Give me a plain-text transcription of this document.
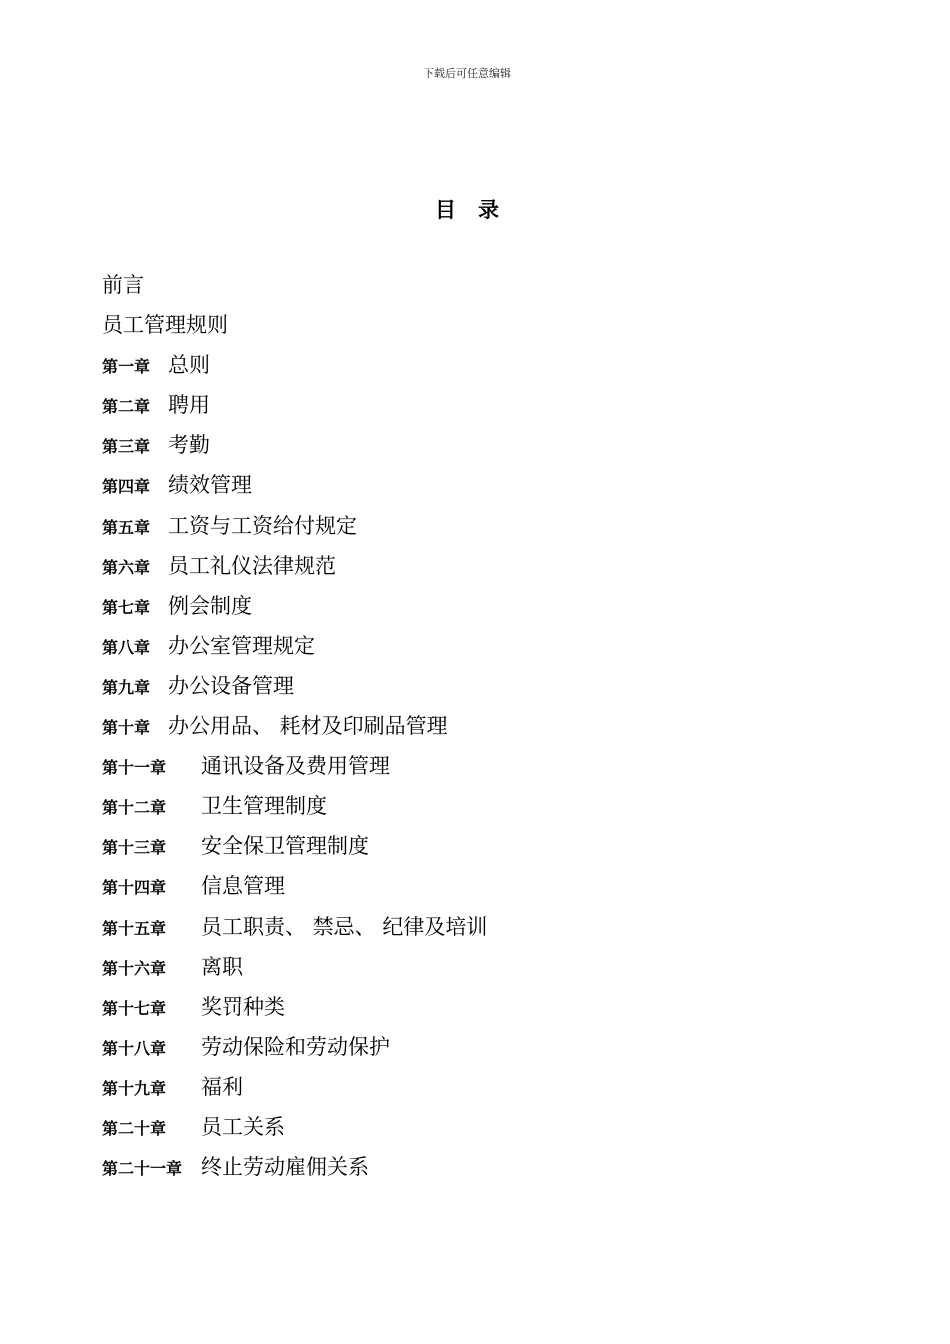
下载后可任意编辑
目 录
前言
员工管理规则
第一章 总则
第二章 聘用
第三章 考勤
第四章 绩效管理
第五章 工资与工资给付规定
第六章 员工礼仪法律规范
第七章 例会制度
第八章 办公室管理规定
第九章 办公设备管理
第十章 办公用品、 耗材及印刷品管理
第十一章 通讯设备及费用管理
第十二章 卫生管理制度
第十三章 安全保卫管理制度
第十四章 信息管理
第十五章 员工职责、 禁忌、 纪律及培训
第十六章 离职
第十七章 奖罚种类
第十八章 劳动保险和劳动保护
第十九章 福利
第二十章 员工关系
第二十一章 终止劳动雇佣关系
